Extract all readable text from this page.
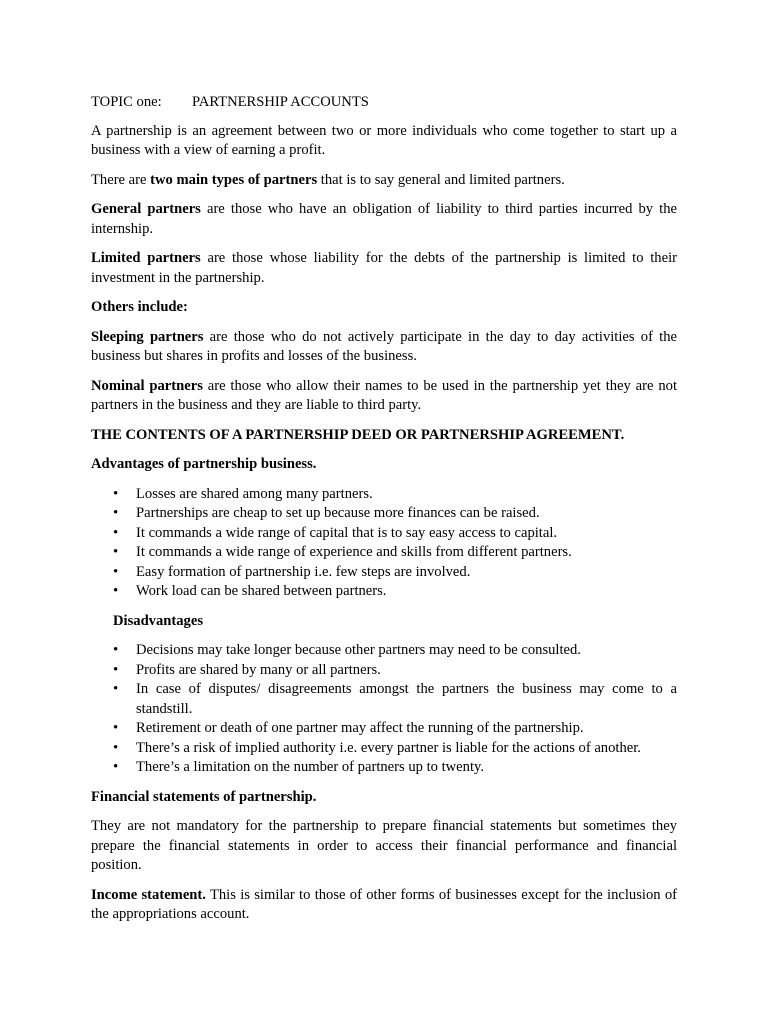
TOPIC one: PARTNERSHIP ACCOUNTS

A partnership is an agreement between two or more individuals who come together to start up a business with a view of earning a profit.

There are two main types of partners that is to say general and limited partners.

General partners are those who have an obligation of liability to third parties incurred by the internship.

Limited partners are those whose liability for the debts of the partnership is limited to their investment in the partnership.

Others include:

Sleeping partners are those who do not actively participate in the day to day activities of the business but shares in profits and losses of the business.

Nominal partners are those who allow their names to be used in the partnership yet they are not partners in the business and they are liable to third party.

THE CONTENTS OF A PARTNERSHIP DEED OR PARTNERSHIP AGREEMENT.

Advantages of partnership business.

• Losses are shared among many partners.
• Partnerships are cheap to set up because more finances can be raised.
• It commands a wide range of capital that is to say easy access to capital.
• It commands a wide range of experience and skills from different partners.
• Easy formation of partnership i.e. few steps are involved.
• Work load can be shared between partners.

Disadvantages

• Decisions may take longer because other partners may need to be consulted.
• Profits are shared by many or all partners.
• In case of disputes/ disagreements amongst the partners the business may come to a standstill.
• Retirement or death of one partner may affect the running of the partnership.
• There’s a risk of implied authority i.e. every partner is liable for the actions of another.
• There’s a limitation on the number of partners up to twenty.

Financial statements of partnership.

They are not mandatory for the partnership to prepare financial statements but sometimes they prepare the financial statements in order to access their financial performance and financial position.

Income statement. This is similar to those of other forms of businesses except for the inclusion of the appropriations account.
